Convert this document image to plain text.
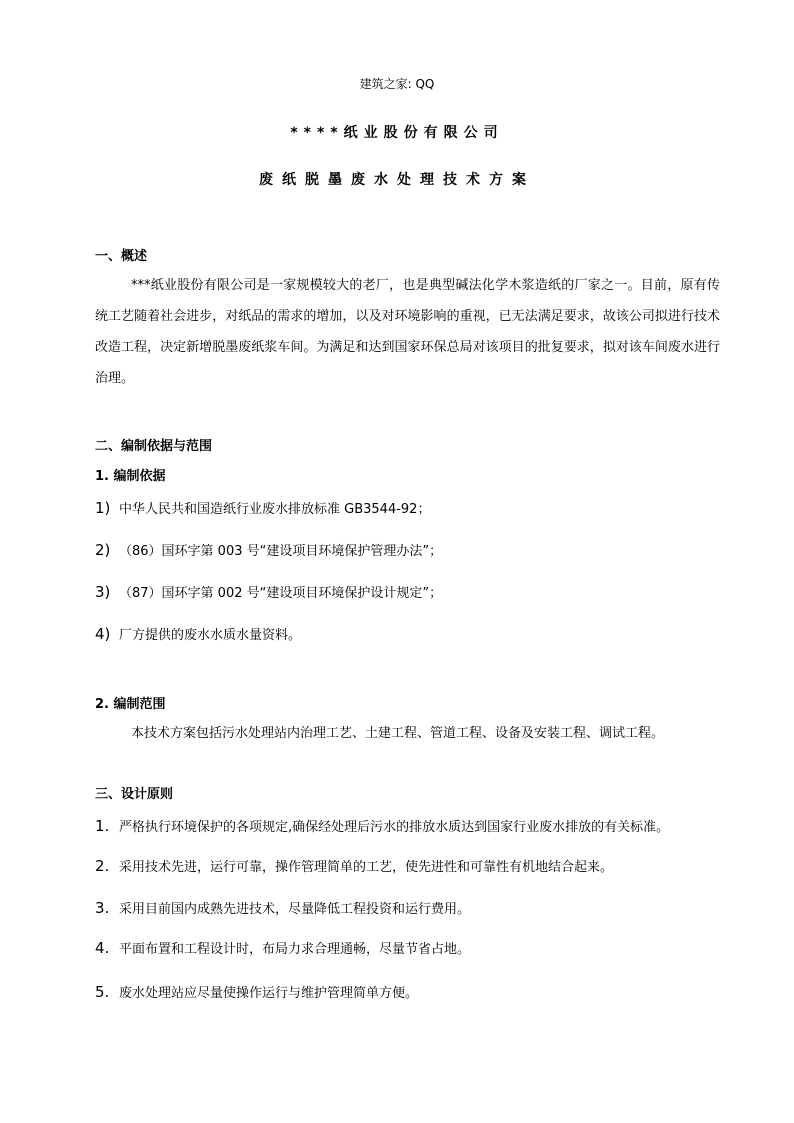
建筑之家: QQ
****纸业股份有限公司
废纸脱墨废水处理技术方案
一、概述
***纸业股份有限公司是一家规模较大的老厂，也是典型碱法化学木浆造纸的厂家之一。目前，原有传统工艺随着社会进步，对纸品的需求的增加，以及对环境影响的重视，已无法满足要求，故该公司拟进行技术改造工程，决定新增脱墨废纸浆车间。为满足和达到国家环保总局对该项目的批复要求，拟对该车间废水进行治理。
二、编制依据与范围
1. 编制依据
1) 中华人民共和国造纸行业废水排放标准 GB3544-92；
2) （86）国环字第 003 号“建设项目环境保护管理办法”；
3) （87）国环字第 002 号“建设项目环境保护设计规定”；
4) 厂方提供的废水水质水量资料。
2. 编制范围
本技术方案包括污水处理站内治理工艺、土建工程、管道工程、设备及安装工程、调试工程。
三、设计原则
1. 严格执行环境保护的各项规定,确保经处理后污水的排放水质达到国家行业废水排放的有关标准。
2. 采用技术先进，运行可靠，操作管理简单的工艺，使先进性和可靠性有机地结合起来。
3. 采用目前国内成熟先进技术，尽量降低工程投资和运行费用。
4. 平面布置和工程设计时，布局力求合理通畅，尽量节省占地。
5. 废水处理站应尽量使操作运行与维护管理简单方便。
